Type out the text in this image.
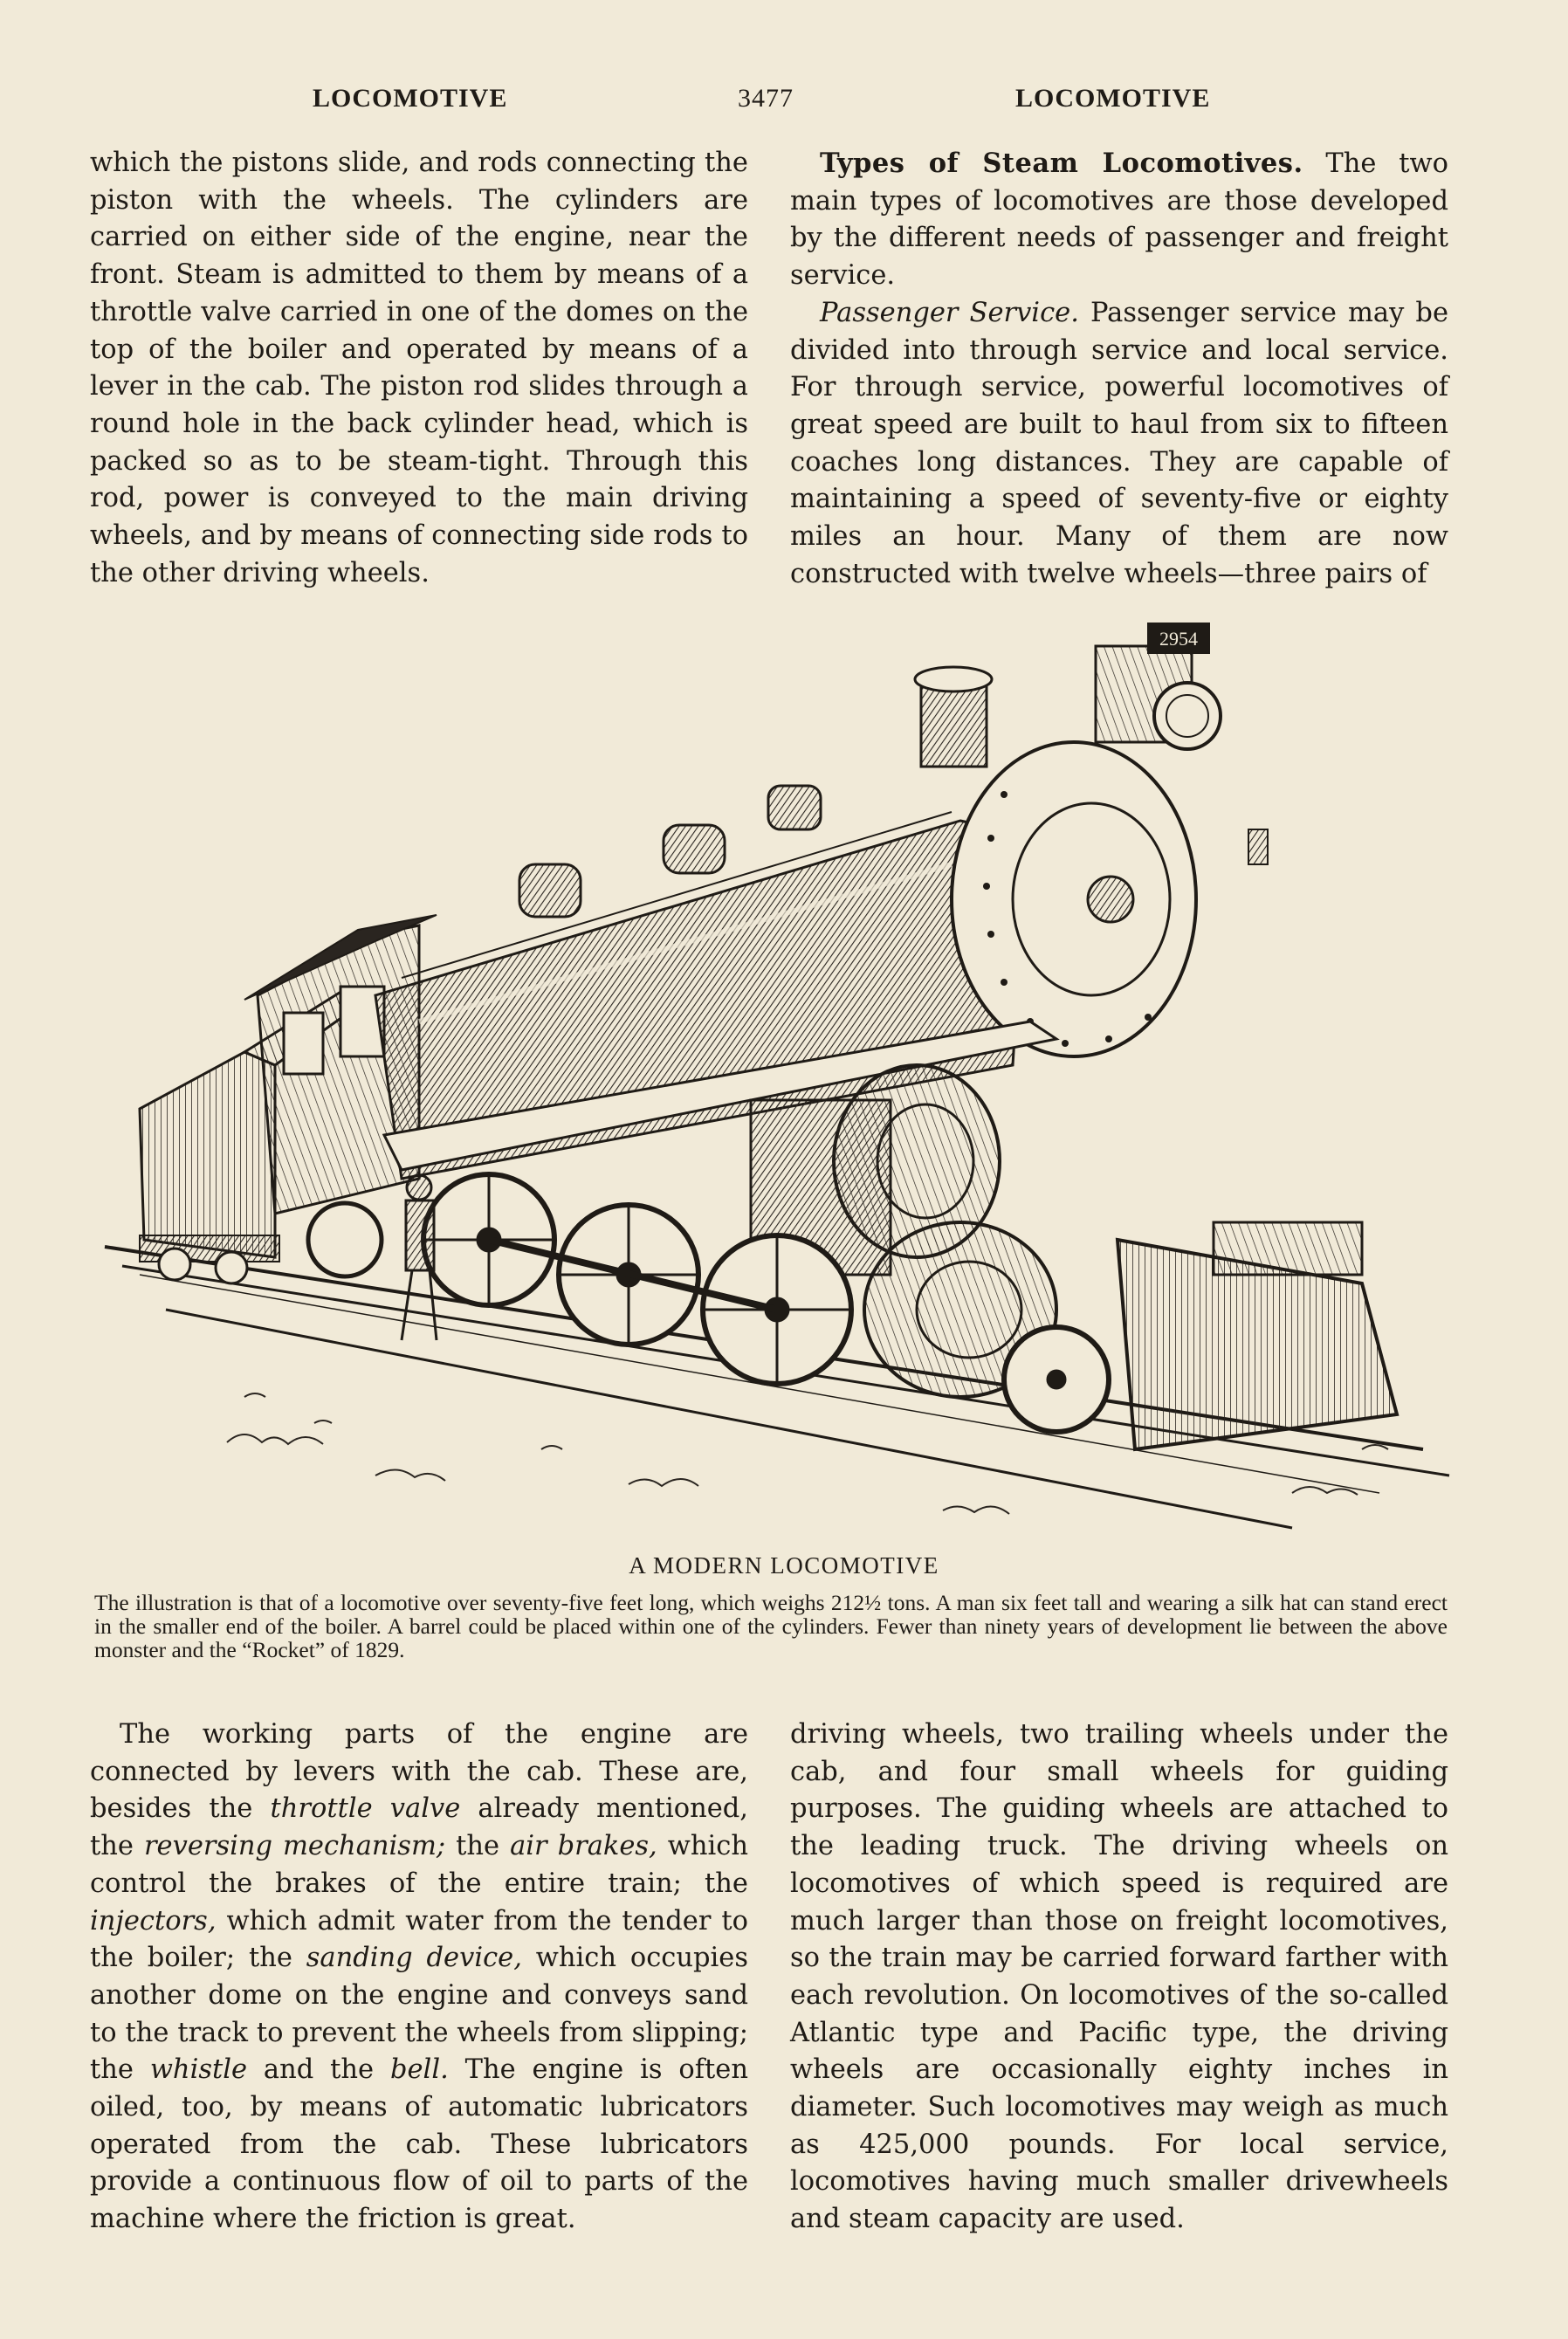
LOCOMOTIVE	3477	LOCOMOTIVE

which the pistons slide, and rods connecting the piston with the wheels. The cylinders are carried on either side of the engine, near the front. Steam is admitted to them by means of a throttle valve carried in one of the domes on the top of the boiler and operated by means of a lever in the cab. The piston rod slides through a round hole in the back cylinder head, which is packed so as to be steam-tight. Through this rod, power is conveyed to the main driving wheels, and by means of connecting side rods to the other driving wheels.

Types of Steam Locomotives. The two main types of locomotives are those developed by the different needs of passenger and freight service.

Passenger Service. Passenger service may be divided into through service and local service. For through service, powerful locomotives of great speed are built to haul from six to fifteen coaches long distances. They are capable of maintaining a speed of seventy-five or eighty miles an hour. Many of them are now constructed with twelve wheels—three pairs of

2954
A MODERN LOCOMOTIVE
The illustration is that of a locomotive over seventy-five feet long, which weighs 212½ tons. A man six feet tall and wearing a silk hat can stand erect in the smaller end of the boiler. A barrel could be placed within one of the cylinders. Fewer than ninety years of development lie between the above monster and the “Rocket” of 1829.

The working parts of the engine are connected by levers with the cab. These are, besides the throttle valve already mentioned, the reversing mechanism; the air brakes, which control the brakes of the entire train; the injectors, which admit water from the tender to the boiler; the sanding device, which occupies another dome on the engine and conveys sand to the track to prevent the wheels from slipping; the whistle and the bell. The engine is often oiled, too, by means of automatic lubricators operated from the cab. These lubricators provide a continuous flow of oil to parts of the machine where the friction is great.

driving wheels, two trailing wheels under the cab, and four small wheels for guiding purposes. The guiding wheels are attached to the leading truck. The driving wheels on locomotives of which speed is required are much larger than those on freight locomotives, so the train may be carried forward farther with each revolution. On locomotives of the so-called Atlantic type and Pacific type, the driving wheels are occasionally eighty inches in diameter. Such locomotives may weigh as much as 425,000 pounds. For local service, locomotives having much smaller drivewheels and steam capacity are used.
